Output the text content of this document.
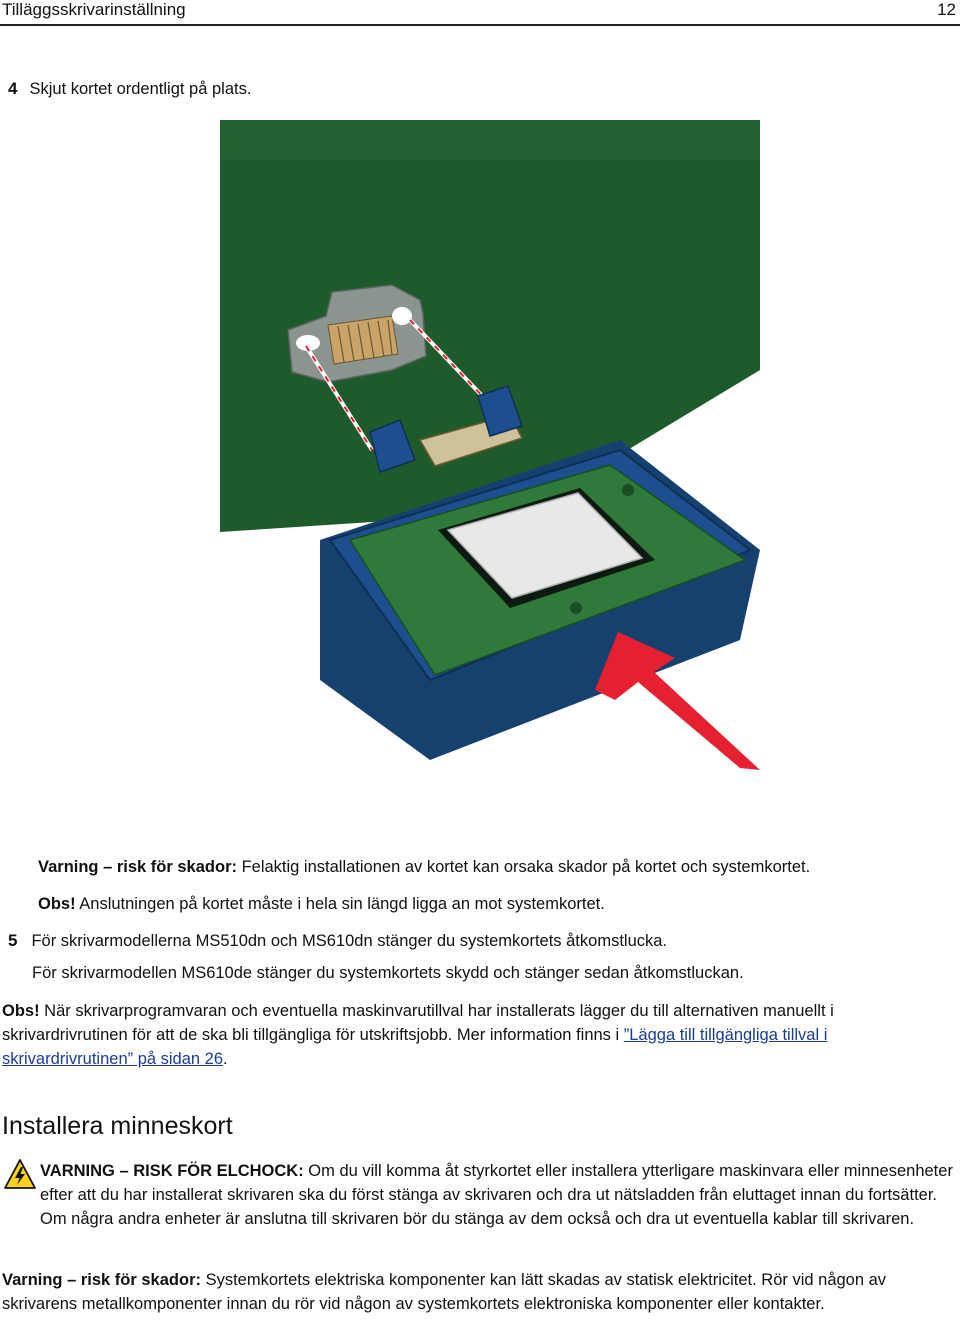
Tilläggsskrivarinställning	12
4 Skjut kortet ordentligt på plats.
Varning – risk för skador: Felaktig installationen av kortet kan orsaka skador på kortet och systemkortet.
Obs! Anslutningen på kortet måste i hela sin längd ligga an mot systemkortet.
5 För skrivarmodellerna MS510dn och MS610dn stänger du systemkortets åtkomstlucka.
För skrivarmodellen MS610de stänger du systemkortets skydd och stänger sedan åtkomstluckan.
Obs! När skrivarprogramvaran och eventuella maskinvarutillval har installerats lägger du till alternativen manuellt i skrivardrivrutinen för att de ska bli tillgängliga för utskriftsjobb. Mer information finns i ”Lägga till tillgängliga tillval i skrivardrivrutinen” på sidan 26.
Installera minneskort
VARNING – RISK FÖR ELCHOCK: Om du vill komma åt styrkortet eller installera ytterligare maskinvara eller minnesenheter efter att du har installerat skrivaren ska du först stänga av skrivaren och dra ut nätsladden från eluttaget innan du fortsätter. Om några andra enheter är anslutna till skrivaren bör du stänga av dem också och dra ut eventuella kablar till skrivaren.
Varning – risk för skador: Systemkortets elektriska komponenter kan lätt skadas av statisk elektricitet. Rör vid någon av skrivarens metallkomponenter innan du rör vid någon av systemkortets elektroniska komponenter eller kontakter.
